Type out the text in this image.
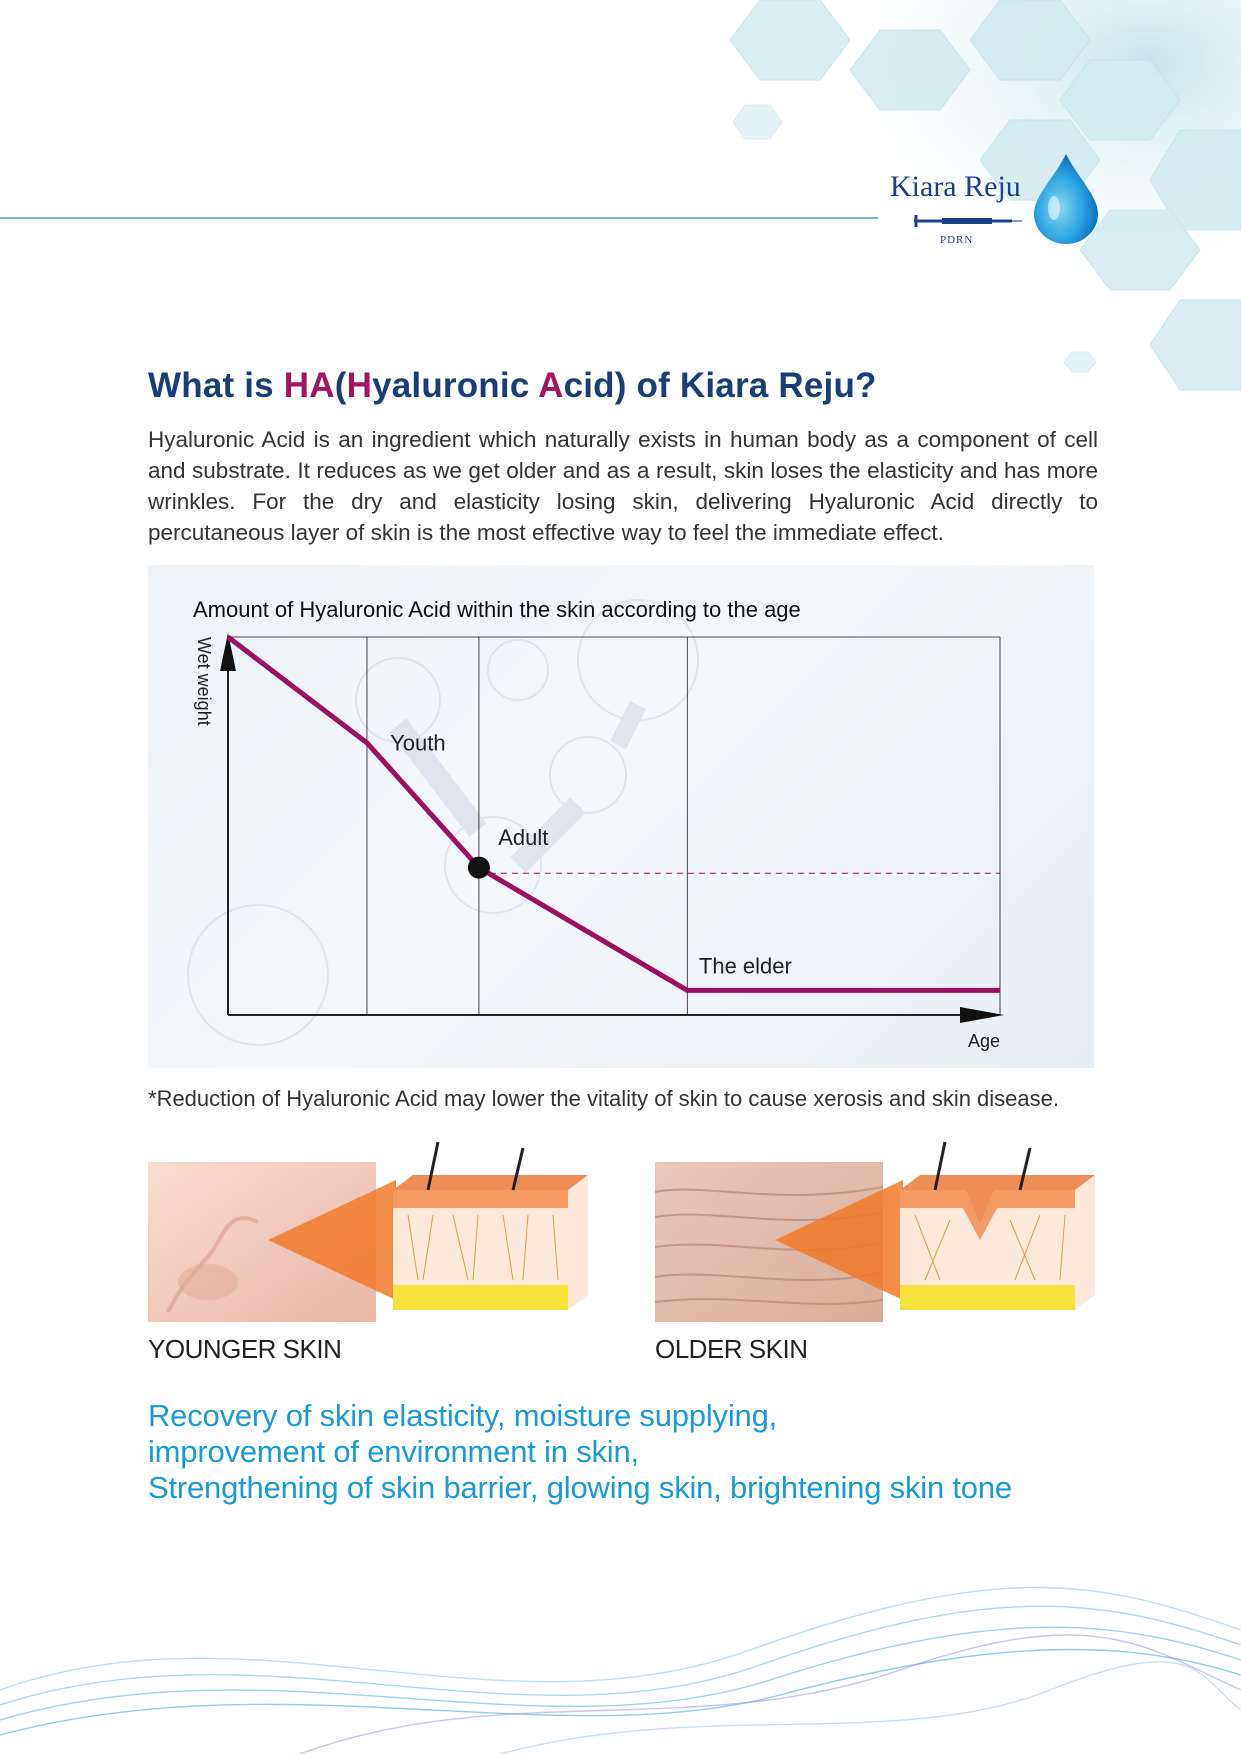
Kiara Reju
PDRN
What is HA(Hyaluronic Acid) of Kiara Reju?

Hyaluronic Acid is an ingredient which naturally exists in human body as a component of cell and substrate. It reduces as we get older and as a result, skin loses the elasticity and has more wrinkles. For the dry and elasticity losing skin, delivering Hyaluronic Acid directly to percutaneous layer of skin is the most effective way to feel the immediate effect.

Amount of Hyaluronic Acid within the skin according to the age
Wet weight
Age
Youth
Adult
The elder

*Reduction of Hyaluronic Acid may lower the vitality of skin to cause xerosis and skin disease.

YOUNGER SKIN	OLDER SKIN

Recovery of skin elasticity, moisture supplying,
improvement of environment in skin,
Strengthening of skin barrier, glowing skin, brightening skin tone
